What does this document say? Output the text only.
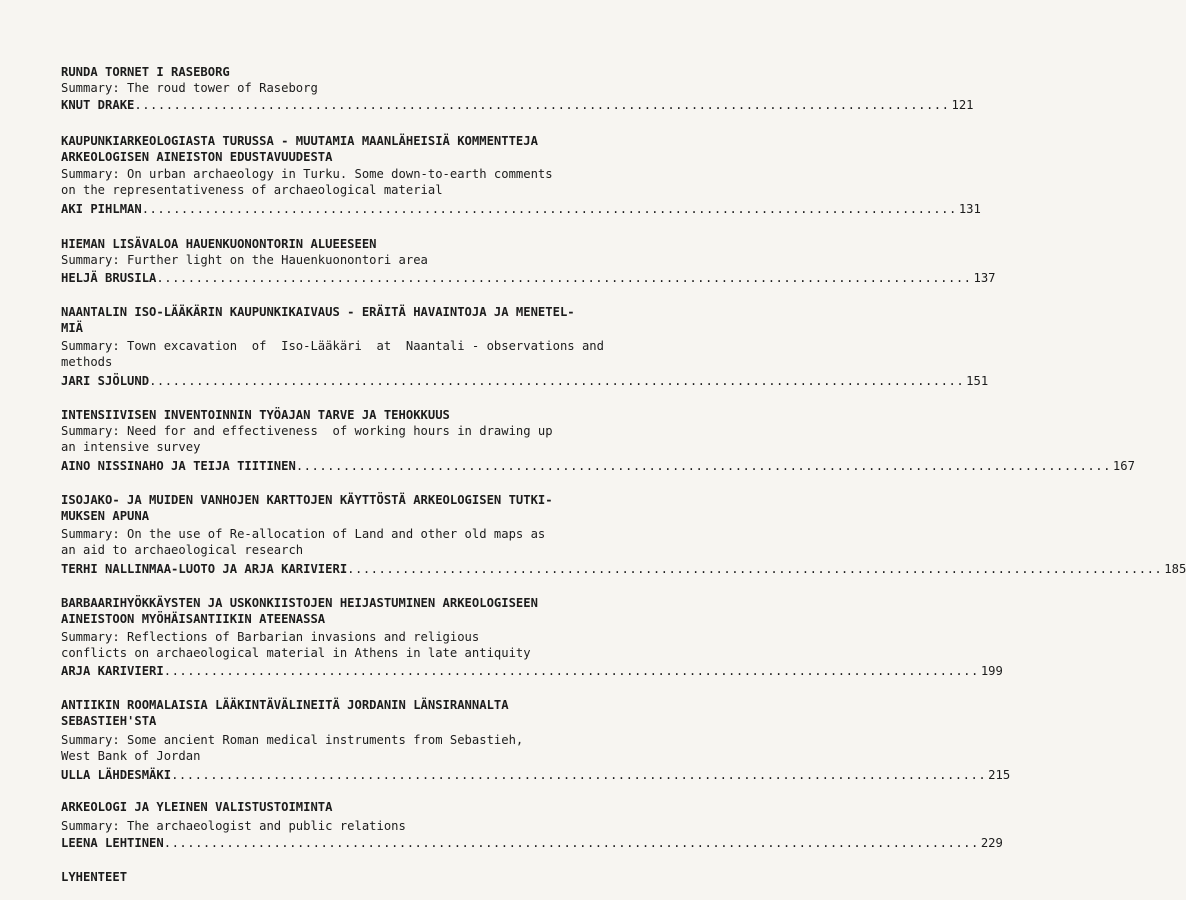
RUNDA TORNET I RASEBORG
Summary: The roud tower of Raseborg
KNUT DRAKE ........................................................................................................ 121
KAUPUNKIARKEOLOGIASTA TURUSSA - MUUTAMIA MAANLÄHEISIÄ KOMMENTTEJA
ARKEOLOGISEN AINEISTON EDUSTAVUUDESTA
Summary: On urban archaeology in Turku. Some down-to-earth comments
on the representativeness of archaeological material
AKI PIHLMAN ........................................................................................................ 131
HIEMAN LISÄVALOA HAUENKUONONTORIN ALUEESEEN
Summary: Further light on the Hauenkuonontori area
HELJÄ BRUSILA ........................................................................................................ 137
NAANTALIN ISO-LÄÄKÄRIN KAUPUNKIKAIVAUS - ERÄITÄ HAVAINTOJA JA MENETEL-
MIÄ
Summary: Town excavation  of  Iso-Lääkäri  at  Naantali - observations and
methods
JARI SJÖLUND ........................................................................................................ 151
INTENSIIVISEN INVENTOINNIN TYÖAJAN TARVE JA TEHOKKUUS
Summary: Need for and effectiveness  of working hours in drawing up
an intensive survey
AINO NISSINAHO JA TEIJA TIITINEN ........................................................................................................ 167
ISOJAKO- JA MUIDEN VANHOJEN KARTTOJEN KÄYTTÖSTÄ ARKEOLOGISEN TUTKI-
MUKSEN APUNA
Summary: On the use of Re-allocation of Land and other old maps as
an aid to archaeological research
TERHI NALLINMAA-LUOTO JA ARJA KARIVIERI ........................................................................................................ 185
BARBAARIHYÖKKÄYSTEN JA USKONKIISTOJEN HEIJASTUMINEN ARKEOLOGISEEN
AINEISTOON MYÖHÄISANTIIKIN ATEENASSA
Summary: Reflections of Barbarian invasions and religious
conflicts on archaeological material in Athens in late antiquity
ARJA KARIVIERI ........................................................................................................ 199
ANTIIKIN ROOMALAISIA LÄÄKINTÄVÄLINEITÄ JORDANIN LÄNSIRANNALTA
SEBASTIEH'STA
Summary: Some ancient Roman medical instruments from Sebastieh,
West Bank of Jordan
ULLA LÄHDESMÄKI ........................................................................................................ 215
ARKEOLOGI JA YLEINEN VALISTUSTOIMINTA
Summary: The archaeologist and public relations
LEENA LEHTINEN ........................................................................................................ 229
LYHENTEET
